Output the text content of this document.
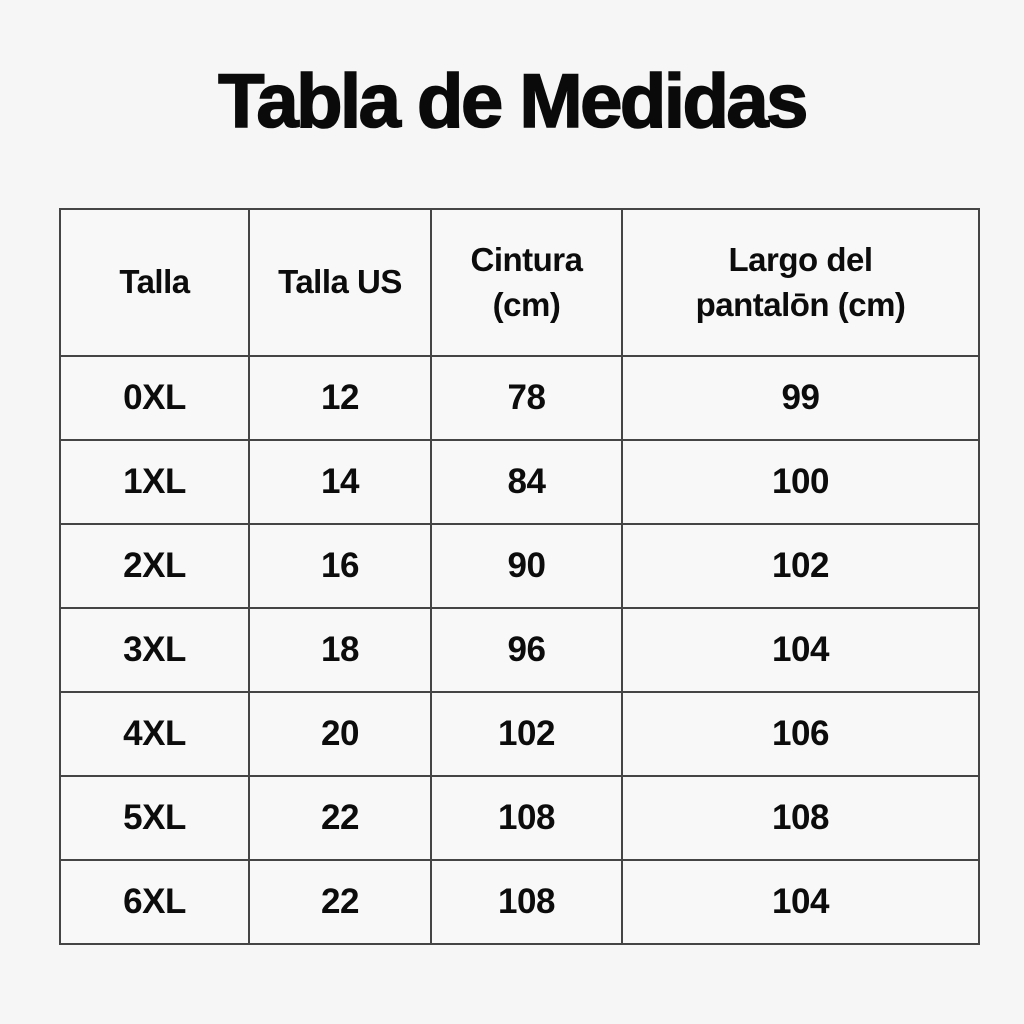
Tabla de Medidas
Talla	Talla US	Cintura (cm)	Largo del pantalōn (cm)
0XL	12	78	99
1XL	14	84	100
2XL	16	90	102
3XL	18	96	104
4XL	20	102	106
5XL	22	108	108
6XL	22	108	104
